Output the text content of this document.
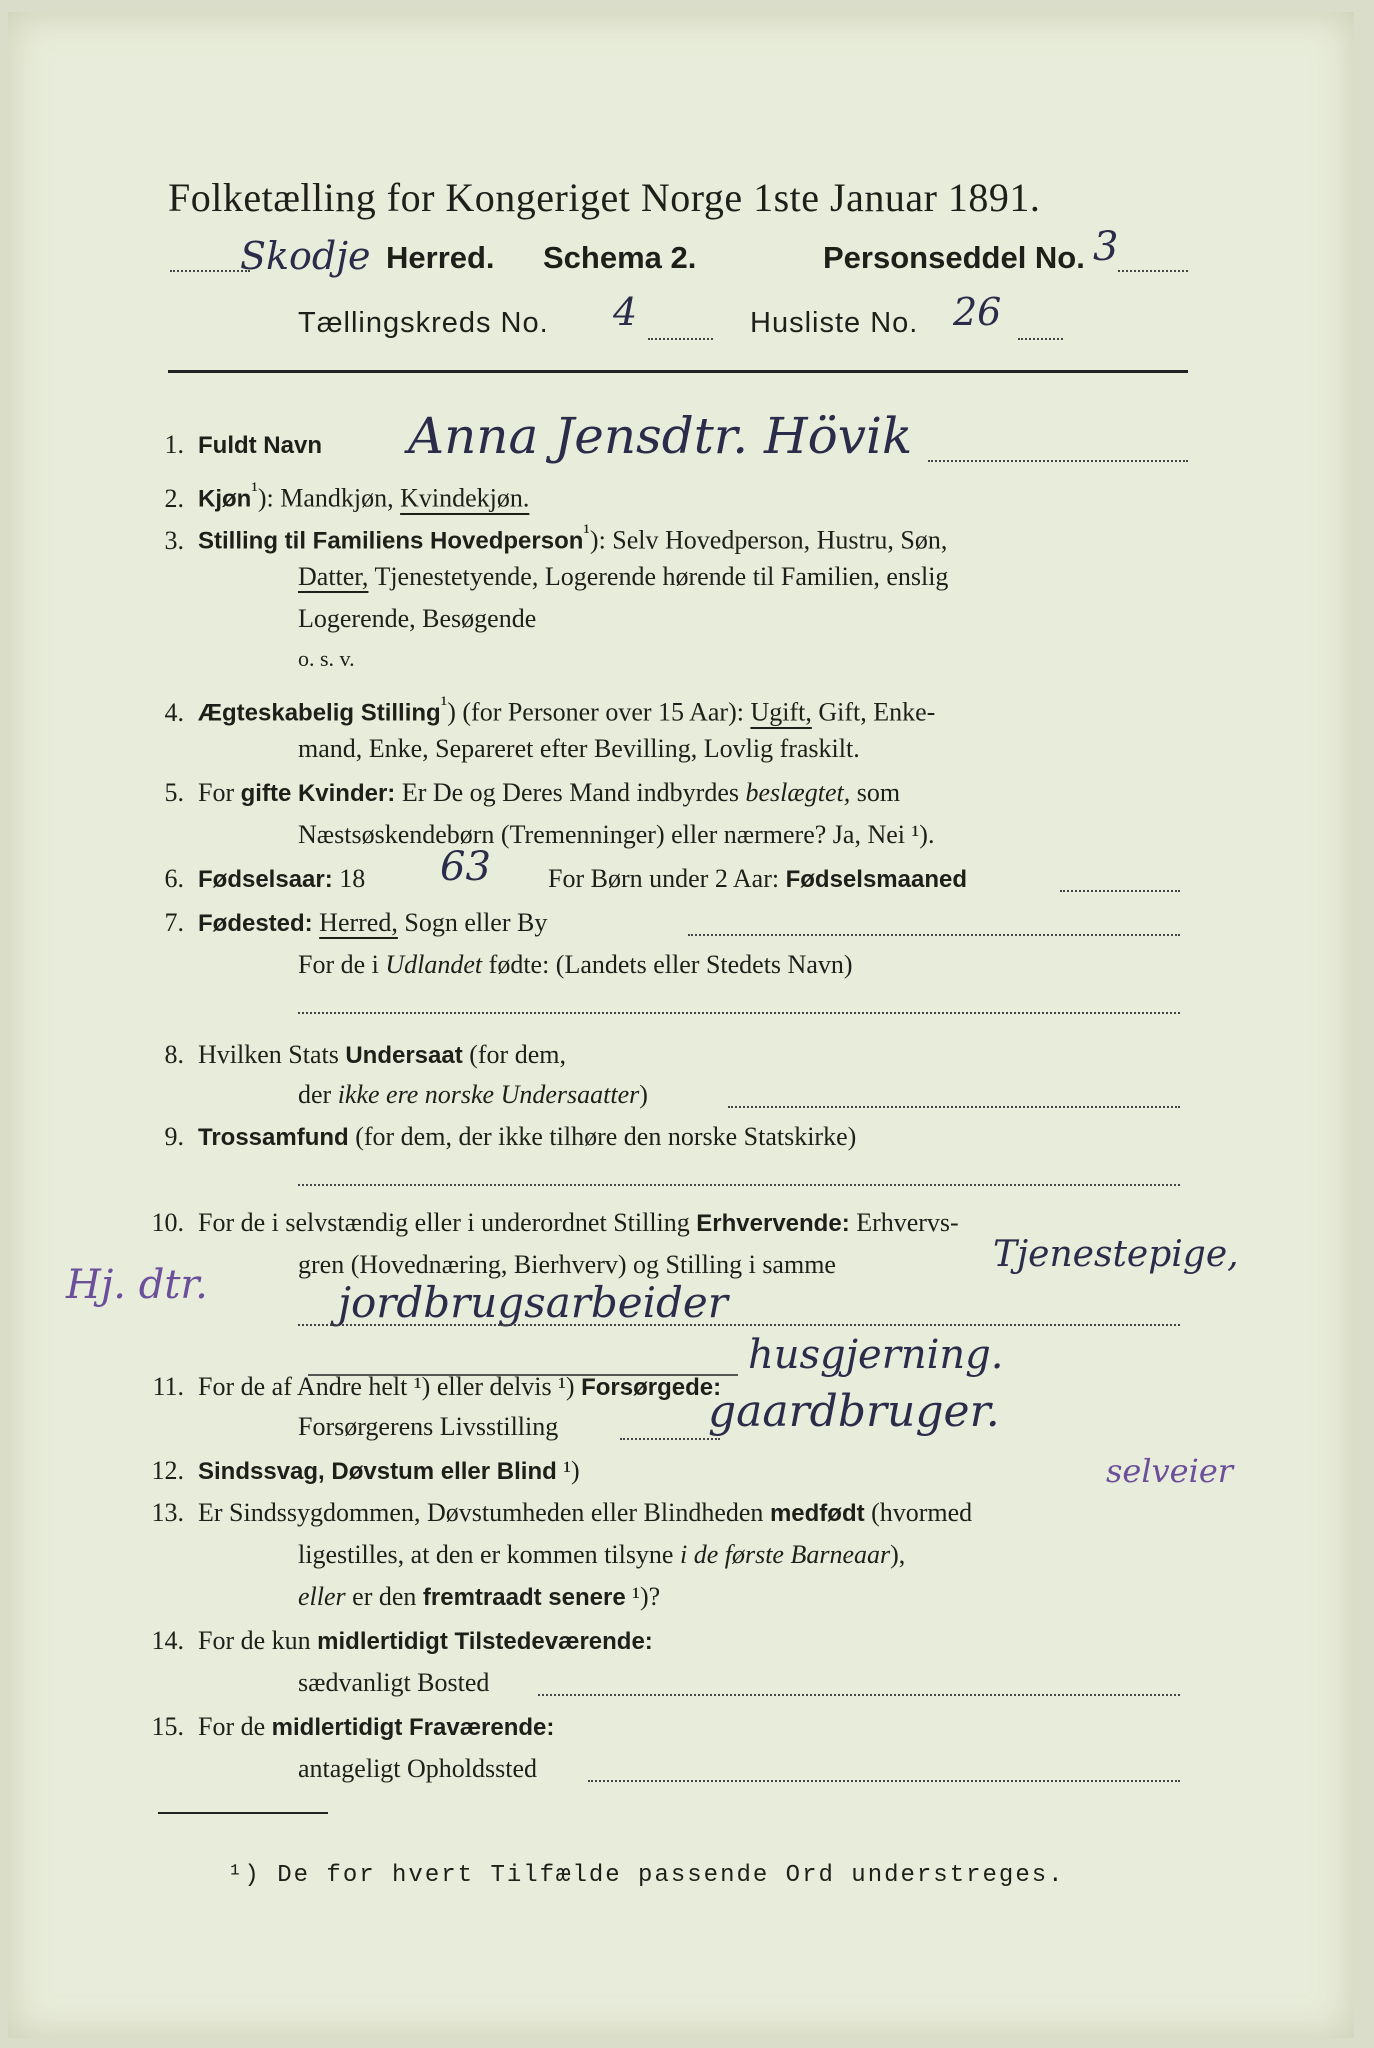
Folketælling for Kongeriget Norge 1ste Januar 1891.
Skodje Herred. Schema 2.	Personseddel No. 3
Tællingskreds No. 4	Husliste No. 26
1. Fuldt Navn Anna Jensdtr. Hövik
2. Kjøn$^{^1}$): Mandkjøn, Kvindekjøn.
3. Stilling til Familiens Hovedperson$^{^1}$): Selv Hovedperson, Hustru, Søn,
Datter, Tjenestetyende, Logerende hørende til Familien, enslig
Logerende, Besøgende
o. s. v.
4. Ægteskabelig Stilling$^{^1}$) (for Personer over 15 Aar): Ugift, Gift, Enke-
mand, Enke, Separeret efter Bevilling, Lovlig fraskilt.
5. For gifte Kvinder: Er De og Deres Mand indbyrdes beslægtet, som
Næstsøskendebørn (Tremenninger) eller nærmere? Ja, Nei ¹).
6. Fødselsaar: 18 63 For Børn under 2 Aar: Fødselsmaaned
7. Fødested: Herred, Sogn eller By
For de i Udlandet fødte: (Landets eller Stedets Navn)
8. Hvilken Stats Undersaat (for dem,
der ikke ere norske Undersaatter)
9. Trossamfund (for dem, der ikke tilhøre den norske Statskirke)
10. For de i selvstændig eller i underordnet Stilling Erhvervende: Erhvervs-
gren (Hovednæring, Bierhverv) og Stilling i samme	Tjenestepige,
Hj. dtr.	jordbrugsarbeider
husgjerning.
11. For de af Andre helt ¹) eller delvis ¹) Forsørgede:
Forsørgerens Livsstilling	gaardbruger.
selveier
12. Sindssvag, Døvstum eller Blind ¹)
13. Er Sindssygdommen, Døvstumheden eller Blindheden medfødt (hvormed
ligestilles, at den er kommen tilsyne i de første Barneaar),
eller er den fremtraadt senere ¹)?
14. For de kun midlertidigt Tilstedeværende:
sædvanligt Bosted
15. For de midlertidigt Fraværende:
antageligt Opholdssted
¹) De for hvert Tilfælde passende Ord understreges.
